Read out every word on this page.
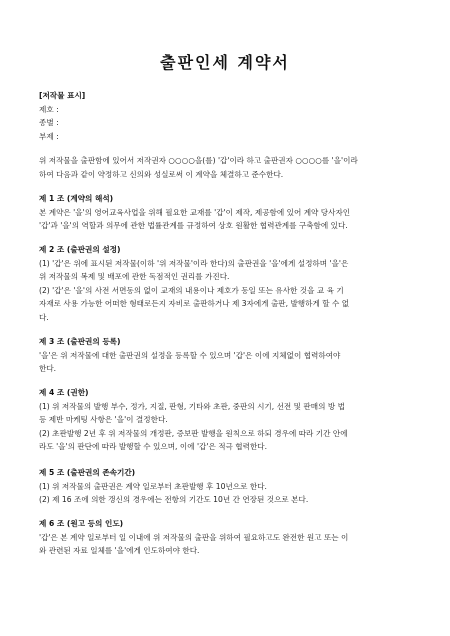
출판인세 계약서

[저작물 표시]

제호 :

종별 :

부제 :

위 저작물을 출판함에 있어서 저작권자 ○○○○을(를) '갑'이라 하고 출판권자 ○○○○를 '을'이라

하여 다음과 같이 약정하고 신의와 성실로써 이 계약을 체결하고 준수한다.

제 1 조 (계약의 해석)

본 계약은 '을'의 영어교육사업을 위해 필요한 교재를 '갑'이 제작, 제공함에 있어 계약 당사자인

'갑'과 '을'의 역할과 의무에 관한 법률관계를 규정하여 상호 원활한 협력관계를 구축함에 있다.

제 2 조 (출판권의 설정)

(1) '갑'은 위에 표시된 저작물(이하 '위 저작물'이라 한다)의 출판권을 '을'에게 설정하며 '을'은

위 저작물의 복제 및 배포에 관한 독점적인 권리를 가진다.

(2) '갑'은 '을'의 사전 서면동의 없이 교재의 내용이나 제호가 동일 또는 유사한 것을 교 육 기

자재로 사용 가능한 어떠한 형태로든지 자비로 출판하거나 제 3자에게 출판, 발행하게 할 수 없

다.

제 3 조 (출판권의 등록)

'을'은 위 저작물에 대한 출판권의 설정을 등록할 수 있으며 '갑'은 이에 지체없이 협력하여야

한다.

제 4 조 (권한)

(1) 위 저작물의 발행 부수, 정가, 지질, 판형, 기타와 초판, 중판의 시기, 선전 및 판매의 방 법

등 제반 마케팅 사항은 '을'이 결정한다.

(2) 초판발행 2년 후 위 저작물의 개정판, 증보판 발행을 원칙으로 하되 경우에 따라 기간 안에

라도 '을'의 판단에 따라 발행할 수 있으며, 이에 '갑'은 적극 협력한다.

제 5 조 (출판권의 존속기간)

(1) 위 저작물의 출판권은 계약 일로부터 초판발행 후 10년으로 한다.

(2) 제 16 조에 의한 갱신의 경우에는 전항의 기간도 10년 간 연장된 것으로 본다.

제 6 조 (원고 등의 인도)

'갑'은 본 계약 일로부터 일 이내에 위 저작물의 출판을 위하여 필요하고도 완전한 원고 또는 이

와 관련된 자료 일체를 '을'에게 인도하여야 한다.
